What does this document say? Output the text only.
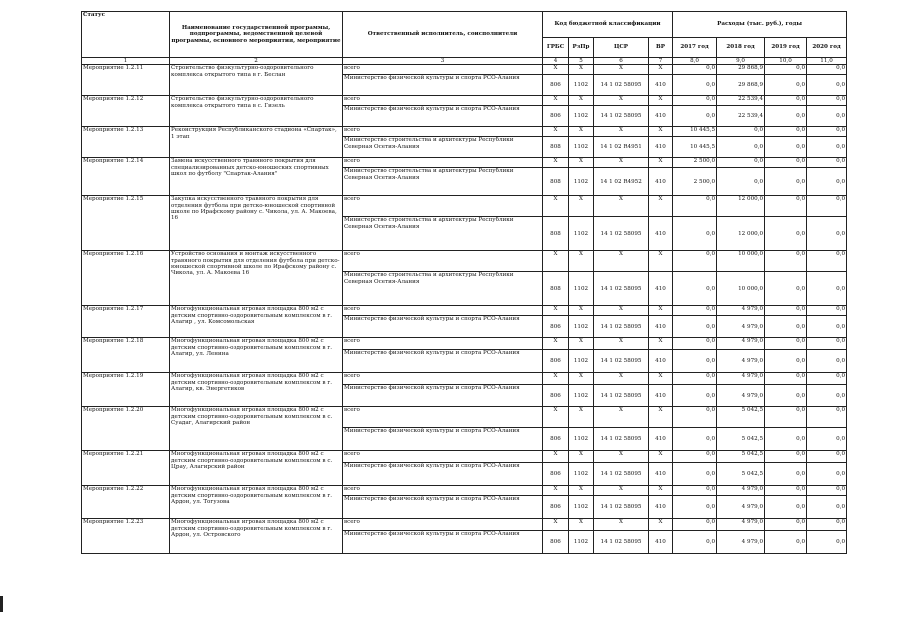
Статус	Наименование государственной программы, подпрограммы, ведомственной целевой программы, основного мероприятия, мероприятие	Ответственный исполнитель, соисполнители	Код бюджетной классификации				Расходы (тыс. руб.), годы			
			ГРБС	РзПр	ЦСР	ВР	2017 год	2018 год	2019 год	2020 год
1	2	3	4	5	6	7	8,0	9,0	10,0	11,0
Мероприятие 1.2.11	Строительство физкультурно-оздоровительного комплекса открытого типа в г. Беслан	всего	Х	Х	Х	Х	0,0	29 868,9	0,0	0,0
		Министерство физической культуры и спорта РСО-Алания	806	1102	14 1 02 58095	410	0,0	29 868,9	0,0	0,0
Мероприятие 1.2.12	Строительство физкультурно-оздоровительного комплекса открытого типа в с. Гизель	всего	Х	Х	Х	Х	0,0	22 539,4	0,0	0,0
		Министерство физической культуры и спорта РСО-Алания	806	1102	14 1 02 58095	410	0,0	22 539,4	0,0	0,0
Мероприятие 1.2.13	Реконструкция Республиканского стадиона «Спартак», 1 этап	всего	Х	Х	Х	Х	10 445,5	0,0	0,0	0,0
		Министерство строительства и архитектуры Республики Северная Осетия-Алания	808	1102	14 1 02 R4951	410	10 445,5	0,0	0,0	0,0
Мероприятие 1.2.14	Замена искусственного травяного покрытия для специализированных детско-юношеских спортивных школ по футболу "Спартак-Алания"	всего	Х	Х	Х	Х	2 500,0	0,0	0,0	0,0
		Министерство строительства и архитектуры Республики Северная Осетия-Алания	808	1102	14 1 02 R4952	410	2 500,0	0,0	0,0	0,0
Мероприятие 1.2.15	Закупка искусственного травяного покрытия для отделения футбола при детско-юношеской спортивной школе по Ирафскому району с. Чикола, ул. А. Макоева, 16	всего	Х	Х	Х	Х	0,0	12 000,0	0,0	0,0
		Министерство строительства и архитектуры Республики Северная Осетия-Алания	808	1102	14 1 02 58095	410	0,0	12 000,0	0,0	0,0
Мероприятие 1.2.16	Устройство основания и монтаж искусственного травяного покрытия для отделения футбола при детско-юношеской спортивной школе по Ирафскому району с. Чикола, ул. А. Макоева 16	всего	Х	Х	Х	Х	0,0	10 000,0	0,0	0,0
		Министерство строительства и архитектуры Республики Северная Осетия-Алания	808	1102	14 1 02 58095	410	0,0	10 000,0	0,0	0,0
Мероприятие 1.2.17	Многофункциональная игровая площадка 800 м2 с детским спортивно-оздоровительным комплексом в г. Алагир , ул. Комсомольская	всего	Х	Х	Х	Х	0,0	4 979,0	0,0	0,0
		Министерство физической культуры и спорта РСО-Алания	806	1102	14 1 02 58095	410	0,0	4 979,0	0,0	0,0
Мероприятие 1.2.18	Многофункциональная игровая площадка 800 м2 с детским спортивно-оздоровительным комплексом в г. Алагир, ул. Ленина	всего	Х	Х	Х	Х	0,0	4 979,0	0,0	0,0
		Министерство физической культуры и спорта РСО-Алания	806	1102	14 1 02 58095	410	0,0	4 979,0	0,0	0,0
Мероприятие 1.2.19	Многофункциональная игровая площадка 800 м2 с детским спортивно-оздоровительным комплексом в г. Алагир, кв. Энергетиков	всего	Х	Х	Х	Х	0,0	4 979,0	0,0	0,0
		Министерство физической культуры и спорта РСО-Алания	806	1102	14 1 02 58095	410	0,0	4 979,0	0,0	0,0
Мероприятие 1.2.20	Многофункциональная игровая площадка 800 м2 с детским спортивно-оздоровительным комплексом в с. Суадаг, Алагирский район	всего	Х	Х	Х	Х	0,0	5 042,5	0,0	0,0
		Министерство физической культуры и спорта РСО-Алания	806	1102	14 1 02 58095	410	0,0	5 042,5	0,0	0,0
Мероприятие 1.2.21	Многофункциональная игровая площадка 800 м2 с детским спортивно-оздоровительным комплексом в с. Црау, Алагирский район	всего	Х	Х	Х	Х	0,0	5 042,5	0,0	0,0
		Министерство физической культуры и спорта РСО-Алания	806	1102	14 1 02 58095	410	0,0	5 042,5	0,0	0,0
Мероприятие 1.2.22	Многофункциональная игровая площадка 800 м2 с детским спортивно-оздоровительным комплексом в г. Ардон, ул. Тогузова	всего	Х	Х	Х	Х	0,0	4 979,0	0,0	0,0
		Министерство физической культуры и спорта РСО-Алания	806	1102	14 1 02 58095	410	0,0	4 979,0	0,0	0,0
Мероприятие 1.2.23	Многофункциональная игровая площадка 800 м2 с детским спортивно-оздоровительным комплексом в г. Ардон, ул. Островского	всего	Х	Х	Х	Х	0,0	4 979,0	0,0	0,0
		Министерство физической культуры и спорта РСО-Алания	806	1102	14 1 02 58095	410	0,0	4 979,0	0,0	0,0
